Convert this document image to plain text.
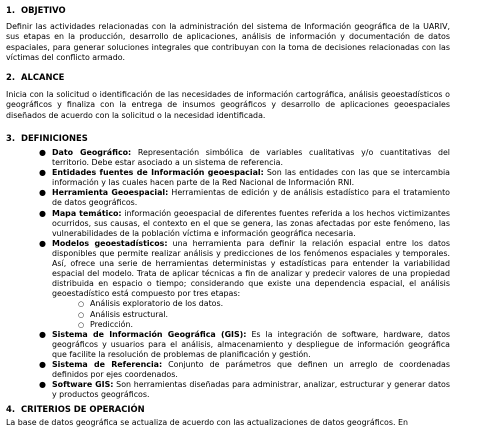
1. OBJETIVO

Definir las actividades relacionadas con la administración del sistema de Información geográfica de la UARIV, sus etapas en la producción, desarrollo de aplicaciones, análisis de información y documentación de datos espaciales, para generar soluciones integrales que contribuyan con la toma de decisiones relacionadas con las víctimas del conflicto armado.

2. ALCANCE

Inicia con la solicitud o identificación de las necesidades de información cartográfica, análisis geoestadísticos o geográficos y finaliza con la entrega de insumos geográficos y desarrollo de aplicaciones geoespaciales diseñados de acuerdo con la solicitud o la necesidad identificada.

3. DEFINICIONES
● Dato Geográfico: Representación simbólica de variables cualitativas y/o cuantitativas del territorio. Debe estar asociado a un sistema de referencia.
● Entidades fuentes de Información geoespacial: Son las entidades con las que se intercambia información y las cuales hacen parte de la Red Nacional de Información RNI.
● Herramienta Geoespacial: Herramientas de edición y de análisis estadístico para el tratamiento de datos geográficos.
● Mapa temático: información geoespacial de diferentes fuentes referida a los hechos victimizantes ocurridos, sus causas, el contexto en el que se genera, las zonas afectadas por este fenómeno, las vulnerabilidades de la población víctima e información geográfica necesaria.
● Modelos geoestadísticos: una herramienta para definir la relación espacial entre los datos disponibles que permite realizar análisis y predicciones de los fenómenos espaciales y temporales. Así, ofrece una serie de herramientas deterministas y estadísticas para entender la variabilidad espacial del modelo. Trata de aplicar técnicas a fin de analizar y predecir valores de una propiedad distribuida en espacio o tiempo; considerando que existe una dependencia espacial, el análisis geoestadístico está compuesto por tres etapas:
○ Análisis exploratorio de los datos.
○ Análisis estructural.
○ Predicción.
● Sistema de Información Geográfica (GIS): Es la integración de software, hardware, datos geográficos y usuarios para el análisis, almacenamiento y despliegue de información geográfica que facilite la resolución de problemas de planificación y gestión.
● Sistema de Referencia: Conjunto de parámetros que definen un arreglo de coordenadas definidos por ejes coordenados.
● Software GIS: Son herramientas diseñadas para administrar, analizar, estructurar y generar datos y productos geográficos.
4. CRITERIOS DE OPERACIÓN

La base de datos geográfica se actualiza de acuerdo con las actualizaciones de datos geográficos. En
